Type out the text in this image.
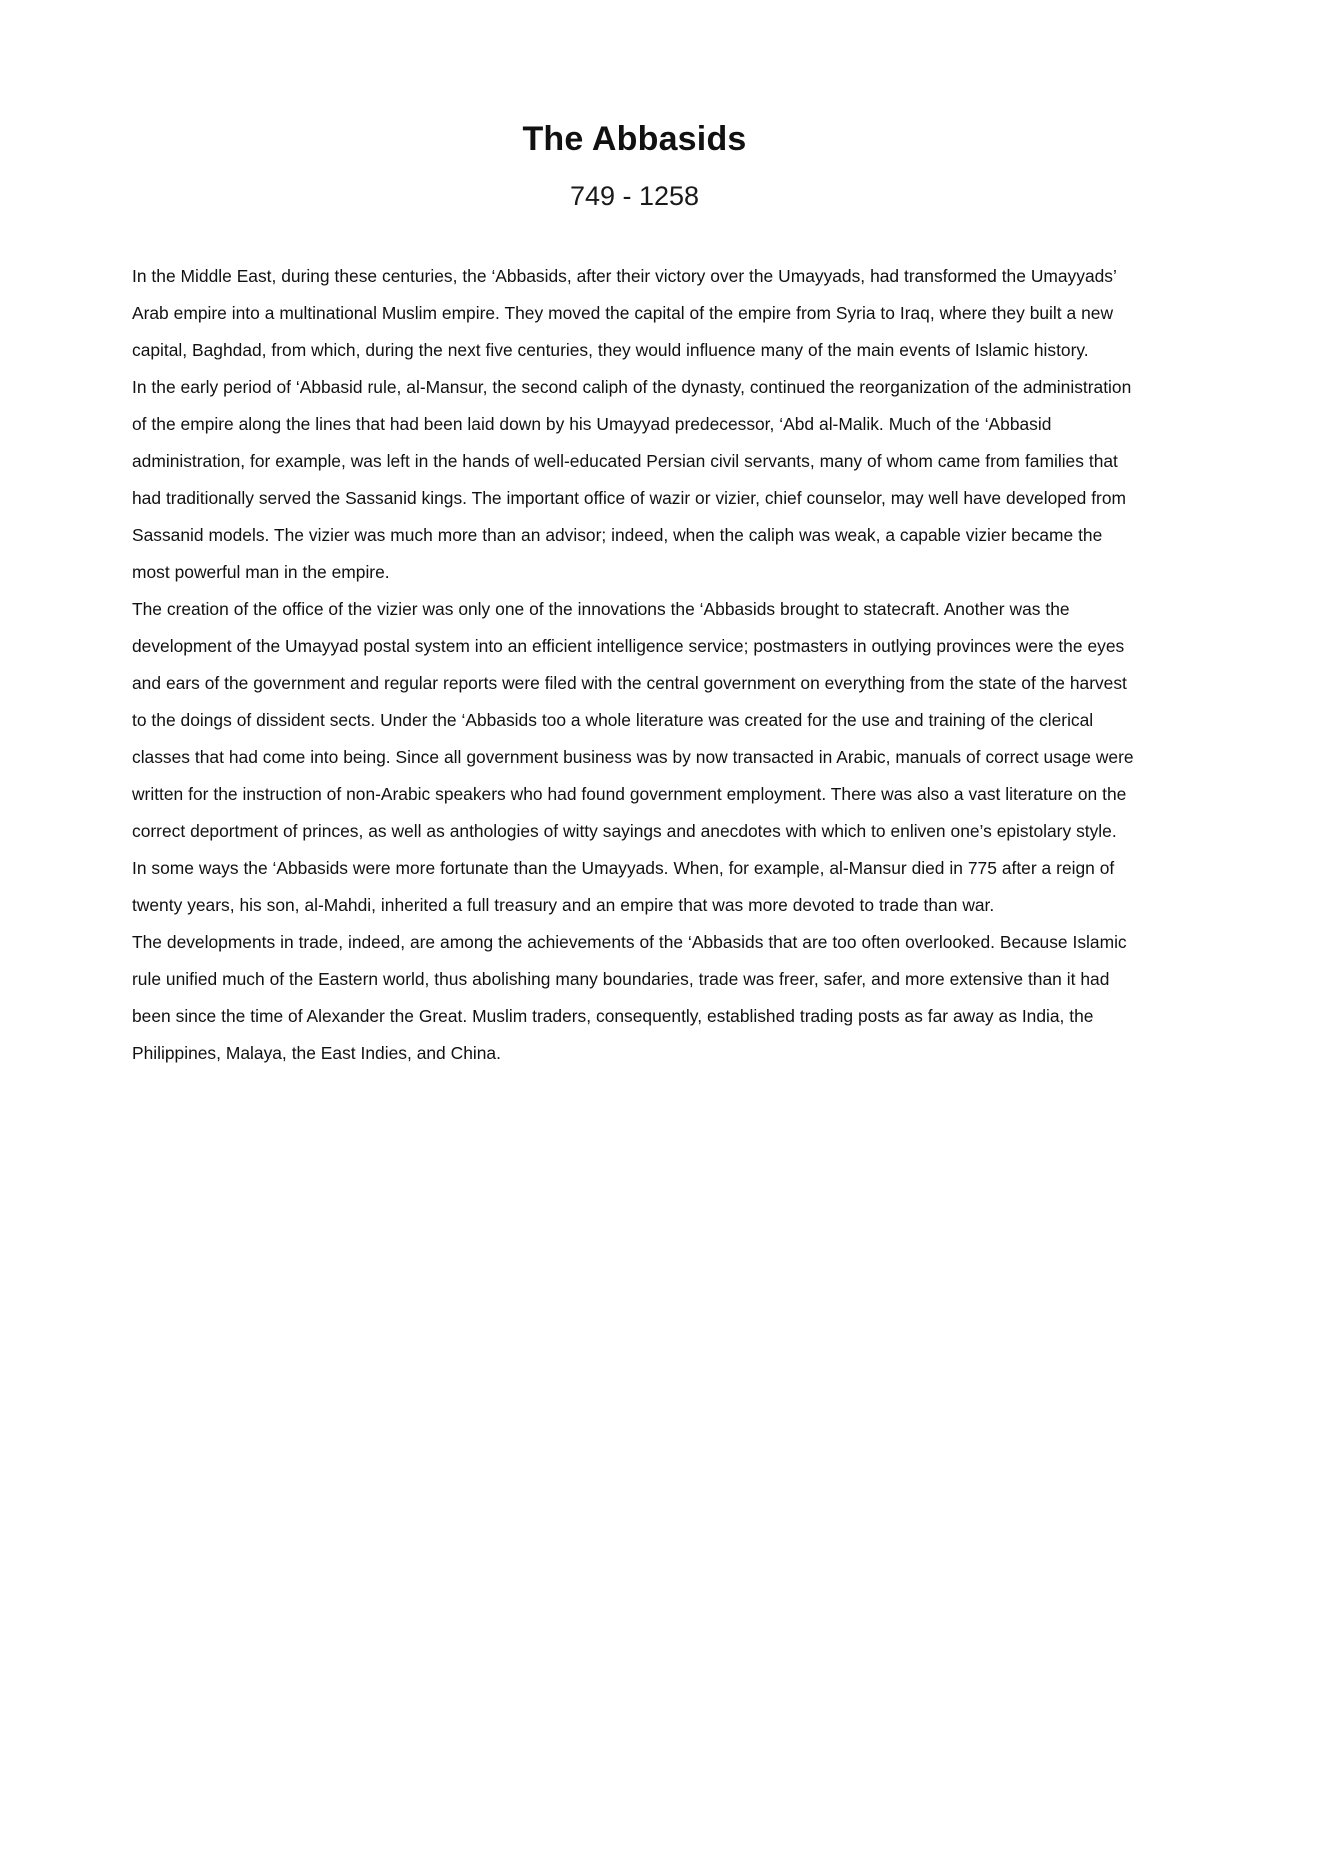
The Abbasids
749 - 1258

In the Middle East, during these centuries, the ‘Abbasids, after their victory over the Umayyads, had transformed the Umayyads’ Arab empire into a multinational Muslim empire. They moved the capital of the empire from Syria to Iraq, where they built a new capital, Baghdad, from which, during the next five centuries, they would influence many of the main events of Islamic history.

In the early period of ‘Abbasid rule, al-Mansur, the second caliph of the dynasty, continued the reorganization of the administration of the empire along the lines that had been laid down by his Umayyad predecessor, ‘Abd al-Malik. Much of the ‘Abbasid administration, for example, was left in the hands of well-educated Persian civil servants, many of whom came from families that had traditionally served the Sassanid kings. The important office of wazir or vizier, chief counselor, may well have developed from Sassanid models. The vizier was much more than an advisor; indeed, when the caliph was weak, a capable vizier became the most powerful man in the empire.

The creation of the office of the vizier was only one of the innovations the ‘Abbasids brought to statecraft. Another was the development of the Umayyad postal system into an efficient intelligence service; postmasters in outlying provinces were the eyes and ears of the government and regular reports were filed with the central government on everything from the state of the harvest to the doings of dissident sects. Under the ‘Abbasids too a whole literature was created for the use and training of the clerical classes that had come into being. Since all government business was by now transacted in Arabic, manuals of correct usage were written for the instruction of non-Arabic speakers who had found government employment. There was also a vast literature on the correct deportment of princes, as well as anthologies of witty sayings and anecdotes with which to enliven one’s epistolary style.

In some ways the ‘Abbasids were more fortunate than the Umayyads. When, for example, al-Mansur died in 775 after a reign of twenty years, his son, al-Mahdi, inherited a full treasury and an empire that was more devoted to trade than war.

The developments in trade, indeed, are among the achievements of the ‘Abbasids that are too often overlooked. Because Islamic rule unified much of the Eastern world, thus abolishing many boundaries, trade was freer, safer, and more extensive than it had been since the time of Alexander the Great. Muslim traders, consequently, established trading posts as far away as India, the Philippines, Malaya, the East Indies, and China.
